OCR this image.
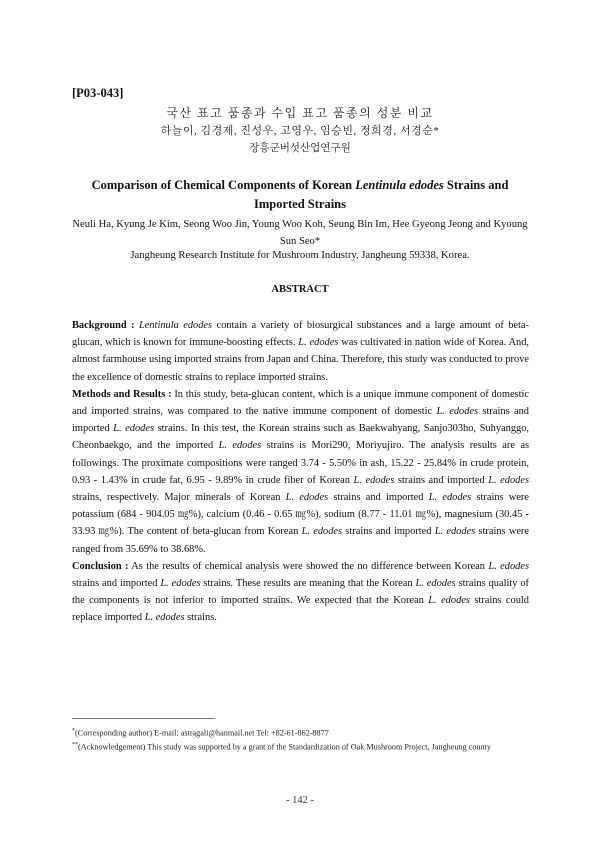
[P03-043]
국산 표고 품종과 수입 표고 품종의 성분 비교
하늘이, 김경제, 진성우, 고영우, 임승빈, 정희경, 서경순*
장흥군버섯산업연구원
Comparison of Chemical Components of Korean Lentinula edodes Strains and Imported Strains
Neuli Ha, Kyung Je Kim, Seong Woo Jin, Young Woo Koh, Seung Bin Im, Hee Gyeong Jeong and Kyoung Sun Seo*
Jangheung Research Institute for Mushroom Industry, Jangheung 59338, Korea.
ABSTRACT

Background : Lentinula edodes contain a variety of biosurgical substances and a large amount of beta-glucan, which is known for immune-boosting effects. L. edodes was cultivated in nation wide of Korea. And, almost farmhouse using imported strains from Japan and China. Therefore, this study was conducted to prove the excellence of domestic strains to replace imported strains.

Methods and Results : In this study, beta-glucan content, which is a unique immune component of domestic and imported strains, was compared to the native immune component of domestic L. edodes strains and imported L. edodes strains. In this test, the Korean strains such as Baekwahyang, Sanjo303ho, Suhyanggo, Cheonbaekgo, and the imported L. edodes strains is Mori290, Moriyujiro. The analysis results are as followings. The proximate compositions were ranged 3.74 - 5.50% in ash, 15.22 - 25.84% in crude protein, 0.93 - 1.43% in crude fat, 6.95 - 9.89% in crude fiber of Korean L. edodes strains and imported L. edodes strains, respectively. Major minerals of Korean L. edodes strains and imported L. edodes strains were potassium (684 - 904.05 ㎎%), calcium (0.46 - 0.65 ㎎%), sodium (8.77 - 11.01 ㎎%), magnesium (30.45 - 33.93 ㎎%). The content of beta-glucan from Korean L. edodes strains and imported L. edodes strains were ranged from 35.69% to 38.68%.

Conclusion : As the results of chemical analysis were showed the no difference between Korean L. edodes strains and imported L. edodes strains. These results are meaning that the Korean L. edodes strains quality of the components is not inferior to imported strains. We expected that the Korean L. edodes strains could replace imported L. edodes strains.

*(Corresponding author) E-mail: astragali@hanmail.net Tel: +82-61-862-8877
**(Acknowledgement) This study was supported by a grant of the Standardization of Oak Mushroom Project, Jangheung county
- 142 -
